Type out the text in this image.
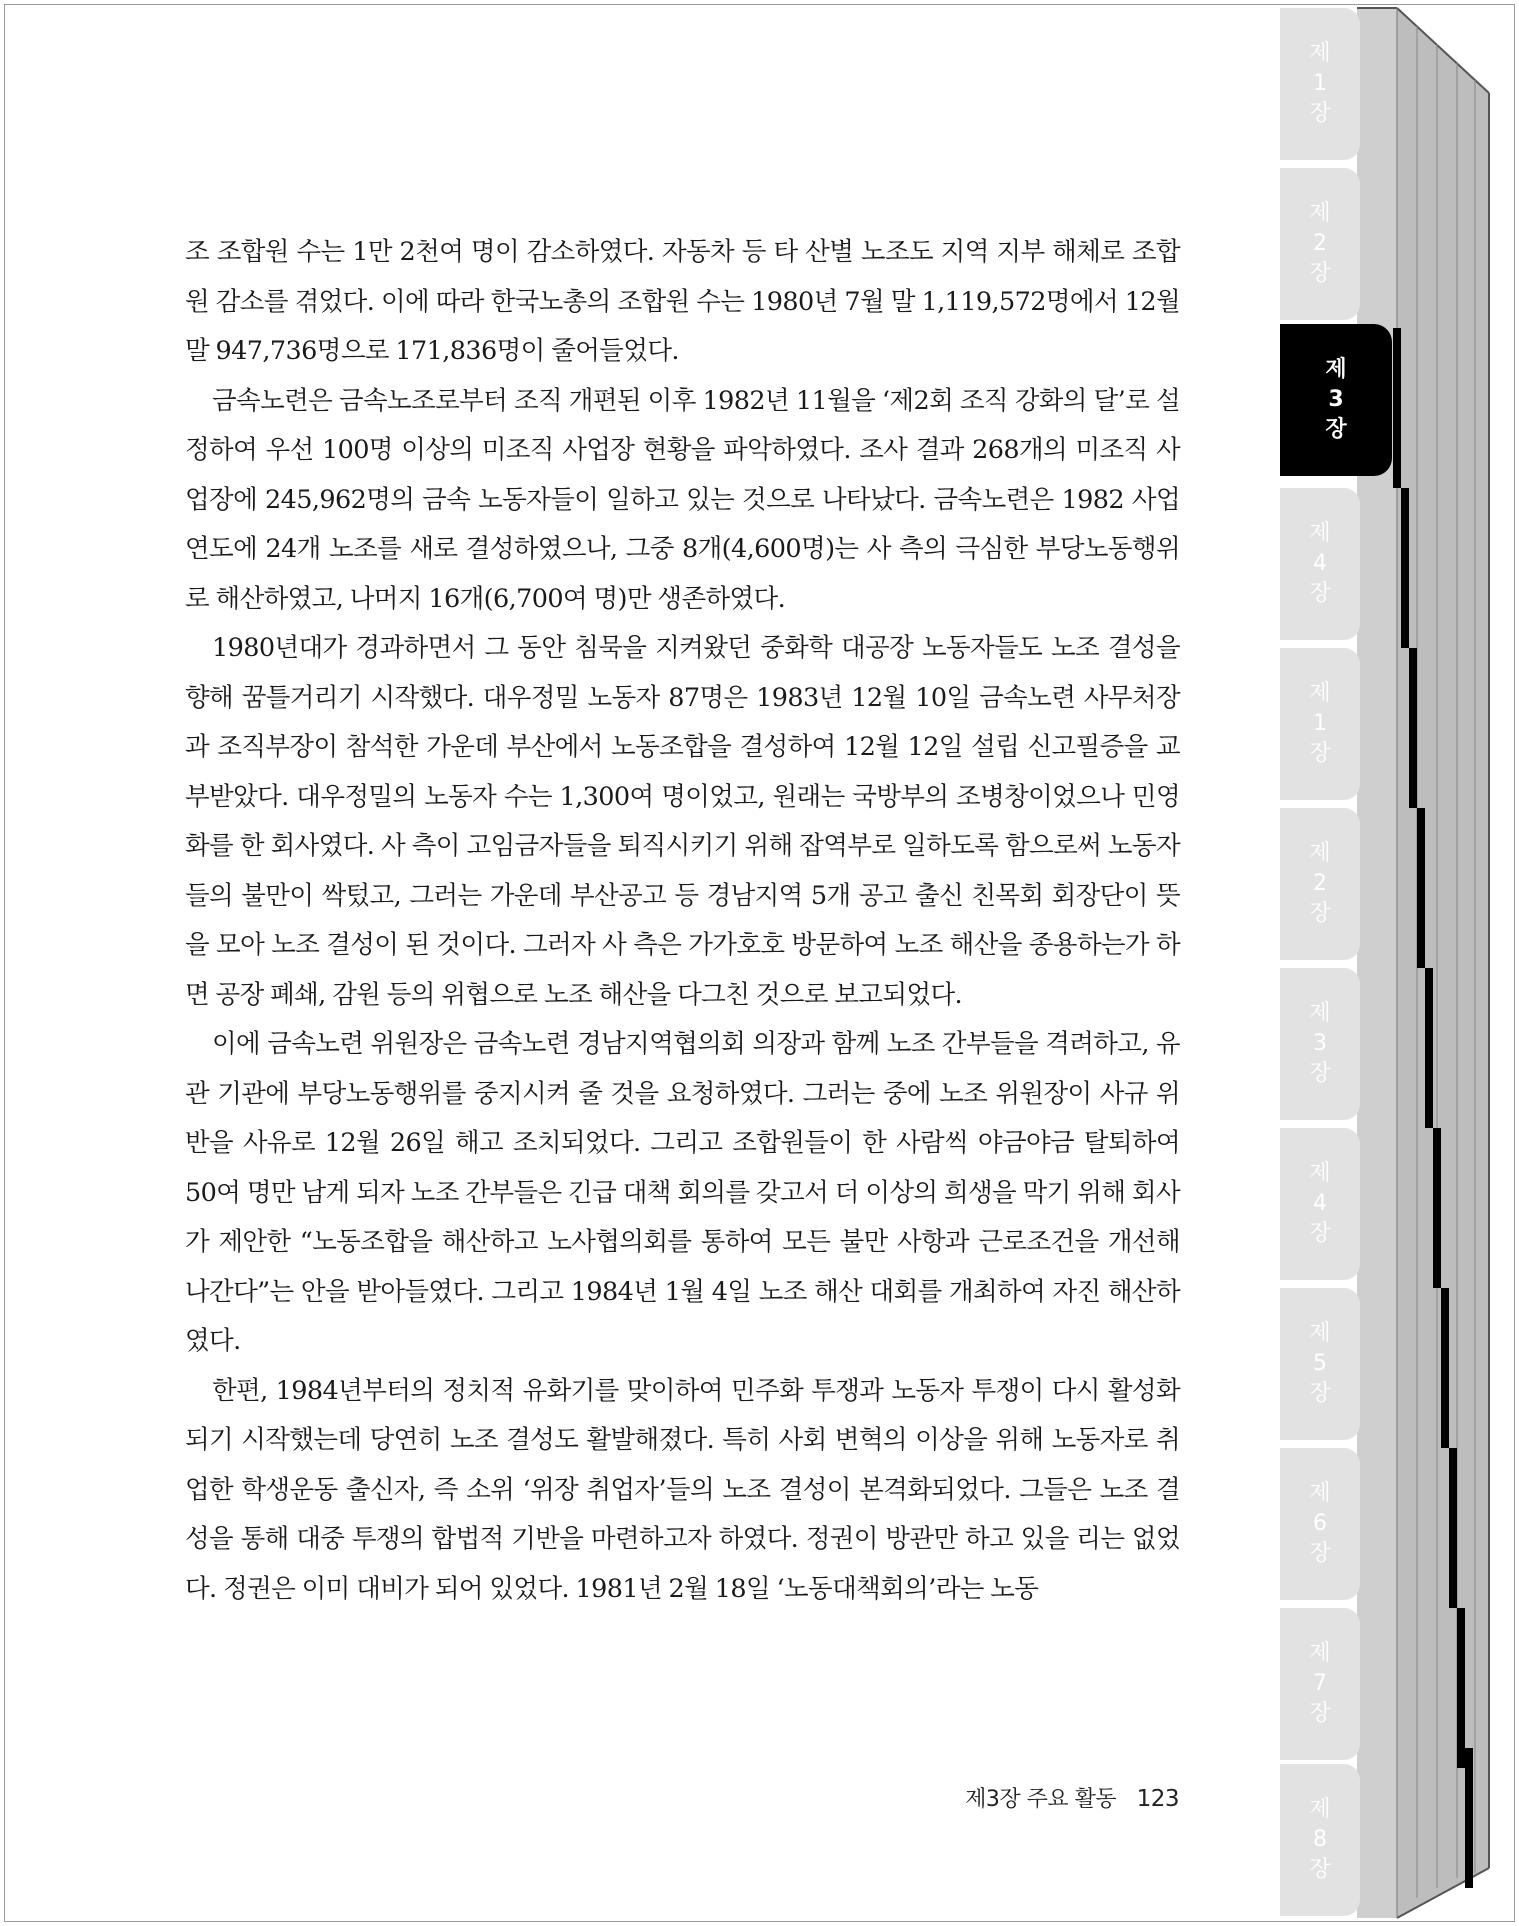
제
1
장
제
2
장
제
3
장
제
4
장
제
1
장
제
2
장
제
3
장
제
4
장
제
5
장
제
6
장
제
7
장
제
8
장

조 조합원 수는 1만 2천여 명이 감소하였다. 자동차 등 타 산별 노조도 지역 지부 해체로 조합원 감소를 겪었다. 이에 따라 한국노총의 조합원 수는 1980년 7월 말 1,119,572명에서 12월 말 947,736명으로 171,836명이 줄어들었다.

금속노련은 금속노조로부터 조직 개편된 이후 1982년 11월을 ‘제2회 조직 강화의 달’로 설정하여 우선 100명 이상의 미조직 사업장 현황을 파악하였다. 조사 결과 268개의 미조직 사업장에 245,962명의 금속 노동자들이 일하고 있는 것으로 나타났다. 금속노련은 1982 사업 연도에 24개 노조를 새로 결성하였으나, 그중 8개(4,600명)는 사 측의 극심한 부당노동행위로 해산하였고, 나머지 16개(6,700여 명)만 생존하였다.

1980년대가 경과하면서 그 동안 침묵을 지켜왔던 중화학 대공장 노동자들도 노조 결성을 향해 꿈틀거리기 시작했다. 대우정밀 노동자 87명은 1983년 12월 10일 금속노련 사무처장과 조직부장이 참석한 가운데 부산에서 노동조합을 결성하여 12월 12일 설립 신고필증을 교부받았다. 대우정밀의 노동자 수는 1,300여 명이었고, 원래는 국방부의 조병창이었으나 민영화를 한 회사였다. 사 측이 고임금자들을 퇴직시키기 위해 잡역부로 일하도록 함으로써 노동자들의 불만이 싹텄고, 그러는 가운데 부산공고 등 경남지역 5개 공고 출신 친목회 회장단이 뜻을 모아 노조 결성이 된 것이다. 그러자 사 측은 가가호호 방문하여 노조 해산을 종용하는가 하면 공장 폐쇄, 감원 등의 위협으로 노조 해산을 다그친 것으로 보고되었다.

이에 금속노련 위원장은 금속노련 경남지역협의회 의장과 함께 노조 간부들을 격려하고, 유관 기관에 부당노동행위를 중지시켜 줄 것을 요청하였다. 그러는 중에 노조 위원장이 사규 위반을 사유로 12월 26일 해고 조치되었다. 그리고 조합원들이 한 사람씩 야금야금 탈퇴하여 50여 명만 남게 되자 노조 간부들은 긴급 대책 회의를 갖고서 더 이상의 희생을 막기 위해 회사가 제안한 “노동조합을 해산하고 노사협의회를 통하여 모든 불만 사항과 근로조건을 개선해 나간다”는 안을 받아들였다. 그리고 1984년 1월 4일 노조 해산 대회를 개최하여 자진 해산하였다.

한편, 1984년부터의 정치적 유화기를 맞이하여 민주화 투쟁과 노동자 투쟁이 다시 활성화되기 시작했는데 당연히 노조 결성도 활발해졌다. 특히 사회 변혁의 이상을 위해 노동자로 취업한 학생운동 출신자, 즉 소위 ‘위장 취업자’들의 노조 결성이 본격화되었다. 그들은 노조 결성을 통해 대중 투쟁의 합법적 기반을 마련하고자 하였다. 정권이 방관만 하고 있을 리는 없었다. 정권은 이미 대비가 되어 있었다. 1981년 2월 18일 ‘노동대책회의’라는 노동

제3장 주요 활동 123
